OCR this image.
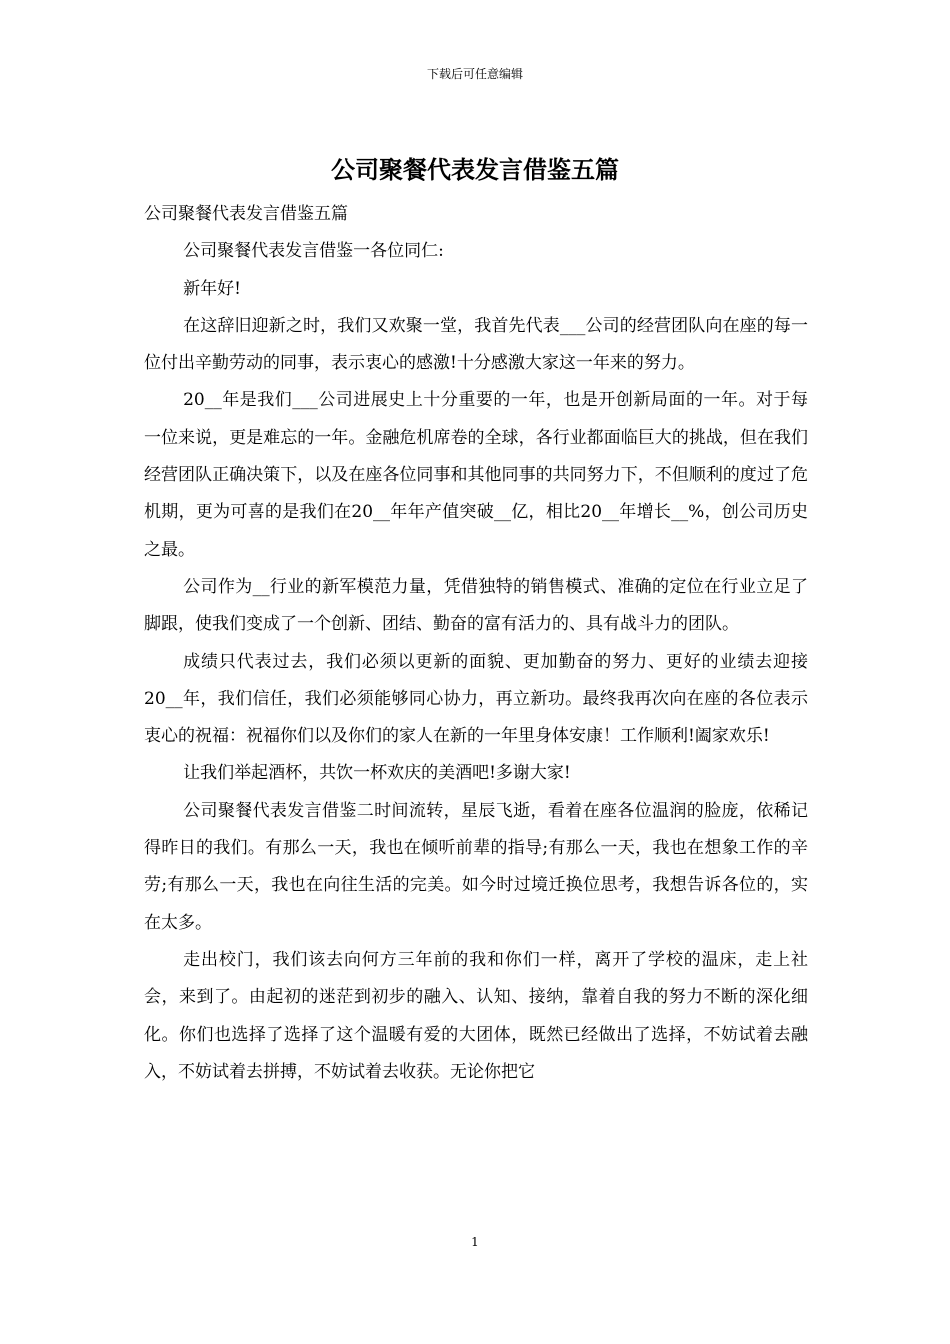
下载后可任意编辑
公司聚餐代表发言借鉴五篇

公司聚餐代表发言借鉴五篇

公司聚餐代表发言借鉴一各位同仁:

新年好!

在这辞旧迎新之时，我们又欢聚一堂，我首先代表___公司的经营团队向在座的每一位付出辛勤劳动的同事，表示衷心的感激!十分感激大家这一年来的努力。

20__年是我们___公司进展史上十分重要的一年，也是开创新局面的一年。对于每一位来说，更是难忘的一年。金融危机席卷的全球，各行业都面临巨大的挑战，但在我们经营团队正确决策下，以及在座各位同事和其他同事的共同努力下，不但顺利的度过了危机期，更为可喜的是我们在20__年年产值突破__亿，相比20__年增长__%，创公司历史之最。

公司作为__行业的新军模范力量，凭借独特的销售模式、准确的定位在行业立足了脚跟，使我们变成了一个创新、团结、勤奋的富有活力的、具有战斗力的团队。

成绩只代表过去，我们必须以更新的面貌、更加勤奋的努力、更好的业绩去迎接20__年，我们信任，我们必须能够同心协力，再立新功。最终我再次向在座的各位表示衷心的祝福：祝福你们以及你们的家人在新的一年里身体安康！工作顺利!阖家欢乐!

让我们举起酒杯，共饮一杯欢庆的美酒吧!多谢大家!

公司聚餐代表发言借鉴二时间流转，星辰飞逝，看着在座各位温润的脸庞，依稀记得昨日的我们。有那么一天，我也在倾听前辈的指导;有那么一天，我也在想象工作的辛劳;有那么一天，我也在向往生活的完美。如今时过境迁换位思考，我想告诉各位的，实在太多。

走出校门，我们该去向何方三年前的我和你们一样，离开了学校的温床，走上社会，来到了。由起初的迷茫到初步的融入、认知、接纳，靠着自我的努力不断的深化细化。你们也选择了选择了这个温暖有爱的大团体，既然已经做出了选择，不妨试着去融入，不妨试着去拼搏，不妨试着去收获。无论你把它

1
